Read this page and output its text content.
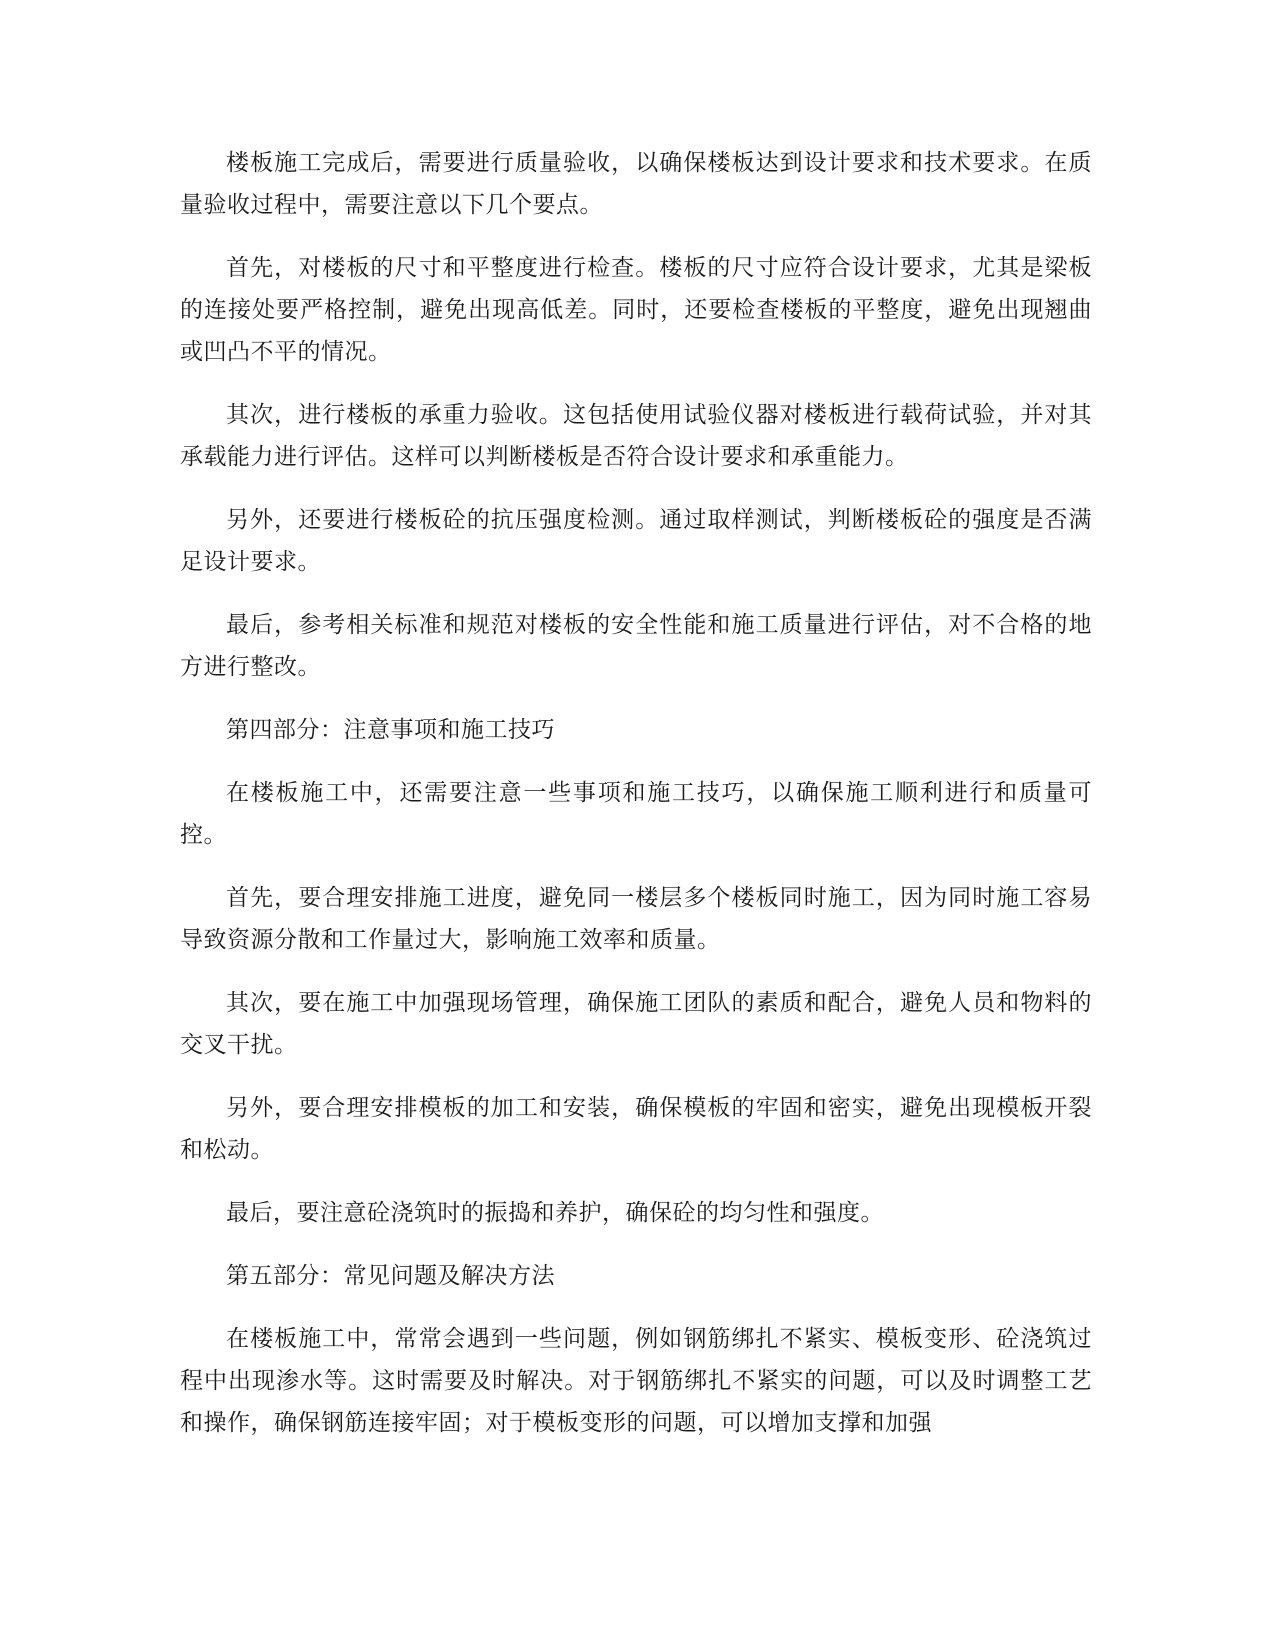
楼板施工完成后，需要进行质量验收，以确保楼板达到设计要求和技术要求。在质量验收过程中，需要注意以下几个要点。

首先，对楼板的尺寸和平整度进行检查。楼板的尺寸应符合设计要求，尤其是梁板的连接处要严格控制，避免出现高低差。同时，还要检查楼板的平整度，避免出现翘曲或凹凸不平的情况。

其次，进行楼板的承重力验收。这包括使用试验仪器对楼板进行载荷试验，并对其承载能力进行评估。这样可以判断楼板是否符合设计要求和承重能力。

另外，还要进行楼板砼的抗压强度检测。通过取样测试，判断楼板砼的强度是否满足设计要求。

最后，参考相关标准和规范对楼板的安全性能和施工质量进行评估，对不合格的地方进行整改。

第四部分：注意事项和施工技巧

在楼板施工中，还需要注意一些事项和施工技巧，以确保施工顺利进行和质量可控。

首先，要合理安排施工进度，避免同一楼层多个楼板同时施工，因为同时施工容易导致资源分散和工作量过大，影响施工效率和质量。

其次，要在施工中加强现场管理，确保施工团队的素质和配合，避免人员和物料的交叉干扰。

另外，要合理安排模板的加工和安装，确保模板的牢固和密实，避免出现模板开裂和松动。

最后，要注意砼浇筑时的振捣和养护，确保砼的均匀性和强度。

第五部分：常见问题及解决方法

在楼板施工中，常常会遇到一些问题，例如钢筋绑扎不紧实、模板变形、砼浇筑过程中出现渗水等。这时需要及时解决。对于钢筋绑扎不紧实的问题，可以及时调整工艺和操作，确保钢筋连接牢固；对于模板变形的问题，可以增加支撑和加强
